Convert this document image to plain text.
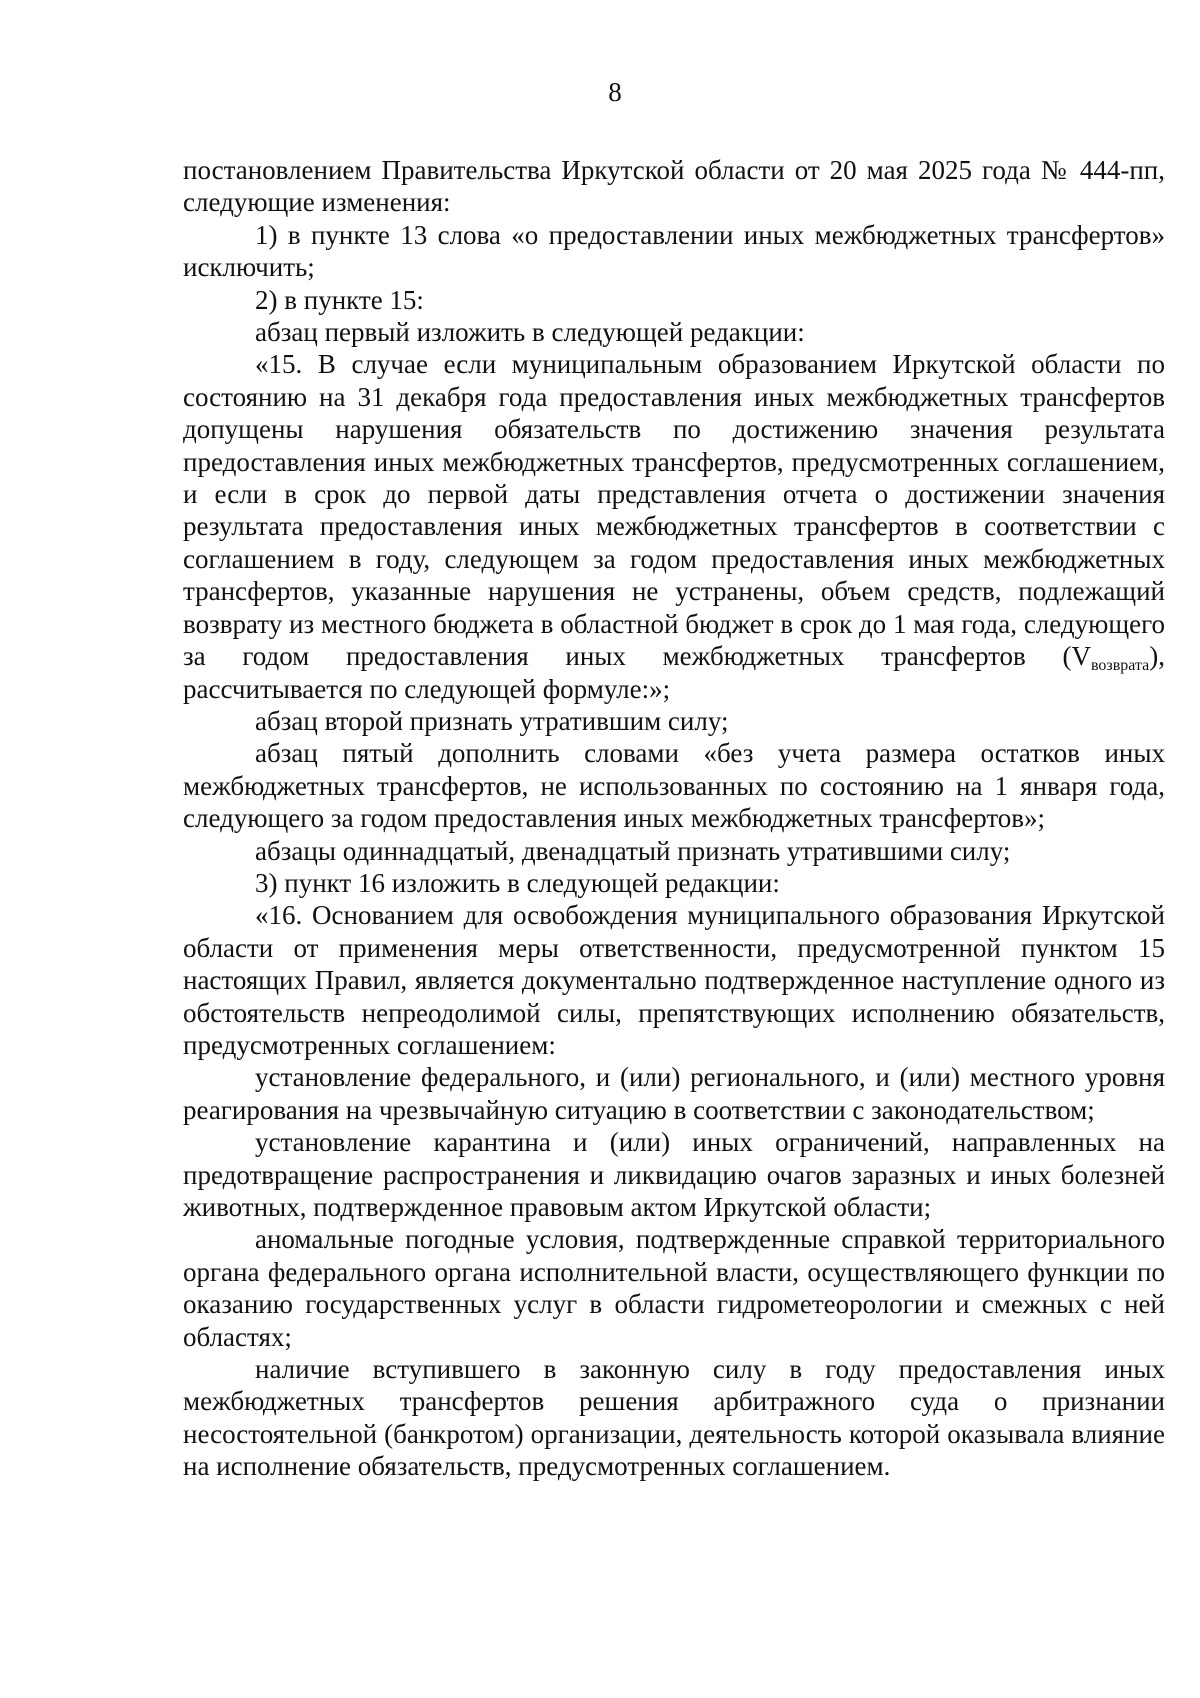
8

постановлением Правительства Иркутской области от 20 мая 2025 года № 444-пп, следующие изменения:

1) в пункте 13 слова «о предоставлении иных межбюджетных трансфертов» исключить;

2) в пункте 15:

абзац первый изложить в следующей редакции:

«15. В случае если муниципальным образованием Иркутской области по состоянию на 31 декабря года предоставления иных межбюджетных трансфертов допущены нарушения обязательств по достижению значения результата предоставления иных межбюджетных трансфертов, предусмотренных соглашением, и если в срок до первой даты представления отчета о достижении значения результата предоставления иных межбюджетных трансфертов в соответствии с соглашением в году, следующем за годом предоставления иных межбюджетных трансфертов, указанные нарушения не устранены, объем средств, подлежащий возврату из местного бюджета в областной бюджет в срок до 1 мая года, следующего за годом предоставления иных межбюджетных трансфертов $(V_{возврата})$, рассчитывается по следующей формуле:»;

абзац второй признать утратившим силу;

абзац пятый дополнить словами «без учета размера остатков иных межбюджетных трансфертов, не использованных по состоянию на 1 января года, следующего за годом предоставления иных межбюджетных трансфертов»;

абзацы одиннадцатый, двенадцатый признать утратившими силу;

3) пункт 16 изложить в следующей редакции:

«16. Основанием для освобождения муниципального образования Иркутской области от применения меры ответственности, предусмотренной пунктом 15 настоящих Правил, является документально подтвержденное наступление одного из обстоятельств непреодолимой силы, препятствующих исполнению обязательств, предусмотренных соглашением:

установление федерального, и (или) регионального, и (или) местного уровня реагирования на чрезвычайную ситуацию в соответствии с законодательством;

установление карантина и (или) иных ограничений, направленных на предотвращение распространения и ликвидацию очагов заразных и иных болезней животных, подтвержденное правовым актом Иркутской области;

аномальные погодные условия, подтвержденные справкой территориального органа федерального органа исполнительной власти, осуществляющего функции по оказанию государственных услуг в области гидрометеорологии и смежных с ней областях;

наличие вступившего в законную силу в году предоставления иных межбюджетных трансфертов решения арбитражного суда о признании несостоятельной (банкротом) организации, деятельность которой оказывала влияние на исполнение обязательств, предусмотренных соглашением.
